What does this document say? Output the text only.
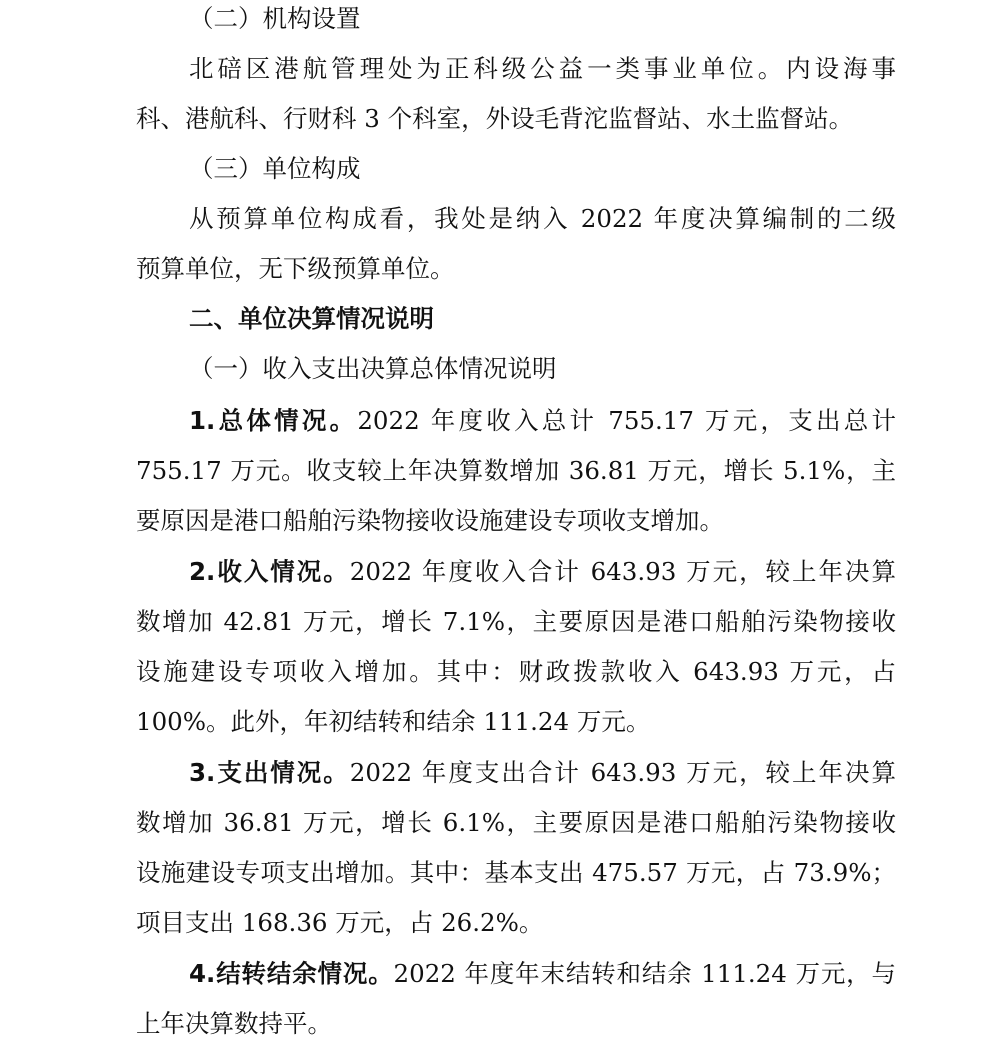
（二）机构设置
北碚区港航管理处为正科级公益一类事业单位。内设海事
科、港航科、行财科 3 个科室，外设毛背沱监督站、水土监督站。
（三）单位构成
从预算单位构成看，我处是纳入 2022 年度决算编制的二级
预算单位，无下级预算单位。
二、单位决算情况说明
（一）收入支出决算总体情况说明
1.总体情况。2022 年度收入总计 755.17 万元，支出总计
755.17 万元。收支较上年决算数增加 36.81 万元，增长 5.1%，主
要原因是港口船舶污染物接收设施建设专项收支增加。
2.收入情况。2022 年度收入合计 643.93 万元，较上年决算
数增加 42.81 万元，增长 7.1%，主要原因是港口船舶污染物接收
设施建设专项收入增加。其中：财政拨款收入 643.93 万元，占
100%。此外，年初结转和结余 111.24 万元。
3.支出情况。2022 年度支出合计 643.93 万元，较上年决算
数增加 36.81 万元，增长 6.1%，主要原因是港口船舶污染物接收
设施建设专项支出增加。其中：基本支出 475.57 万元，占 73.9%；
项目支出 168.36 万元，占 26.2%。
4.结转结余情况。2022 年度年末结转和结余 111.24 万元，与
上年决算数持平。
